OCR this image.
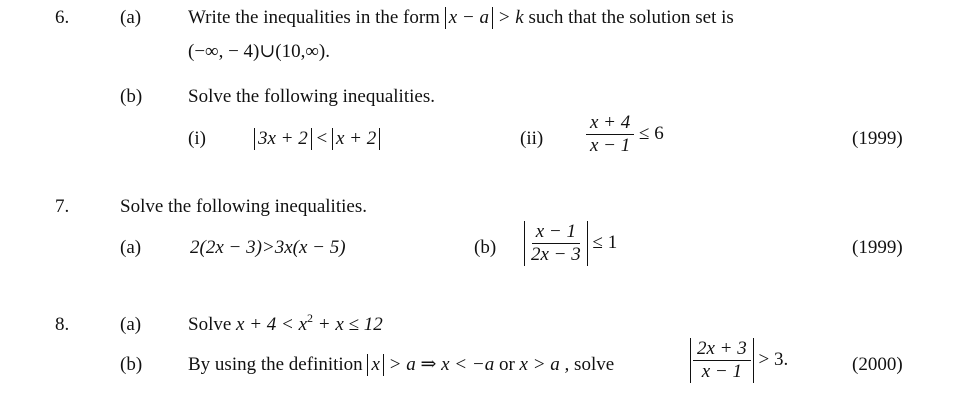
6.	(a) Write the inequalities in the form x − a > k such that the solution set is
(−∞, − 4)∪(10,∞).
(b) Solve the following inequalities.
(i)	3x + 2 < x + 2	$(ii) \frac{x + 4}{x - 1} \le 6$	(1999)
7.	Solve the following inequalities.
(a)	2(2x − 3)>3x(x − 5)	$(b) \frac{x - 1}{2x - 3} \le 1$	(1999)
8.	(a) Solve $x + 4 < x^2 + x \le 12$
(b) By using the definition x > a ⇒ x < −a or x > a , solve	$\frac{2x + 3}{x - 1} > 3$.	(2000)
